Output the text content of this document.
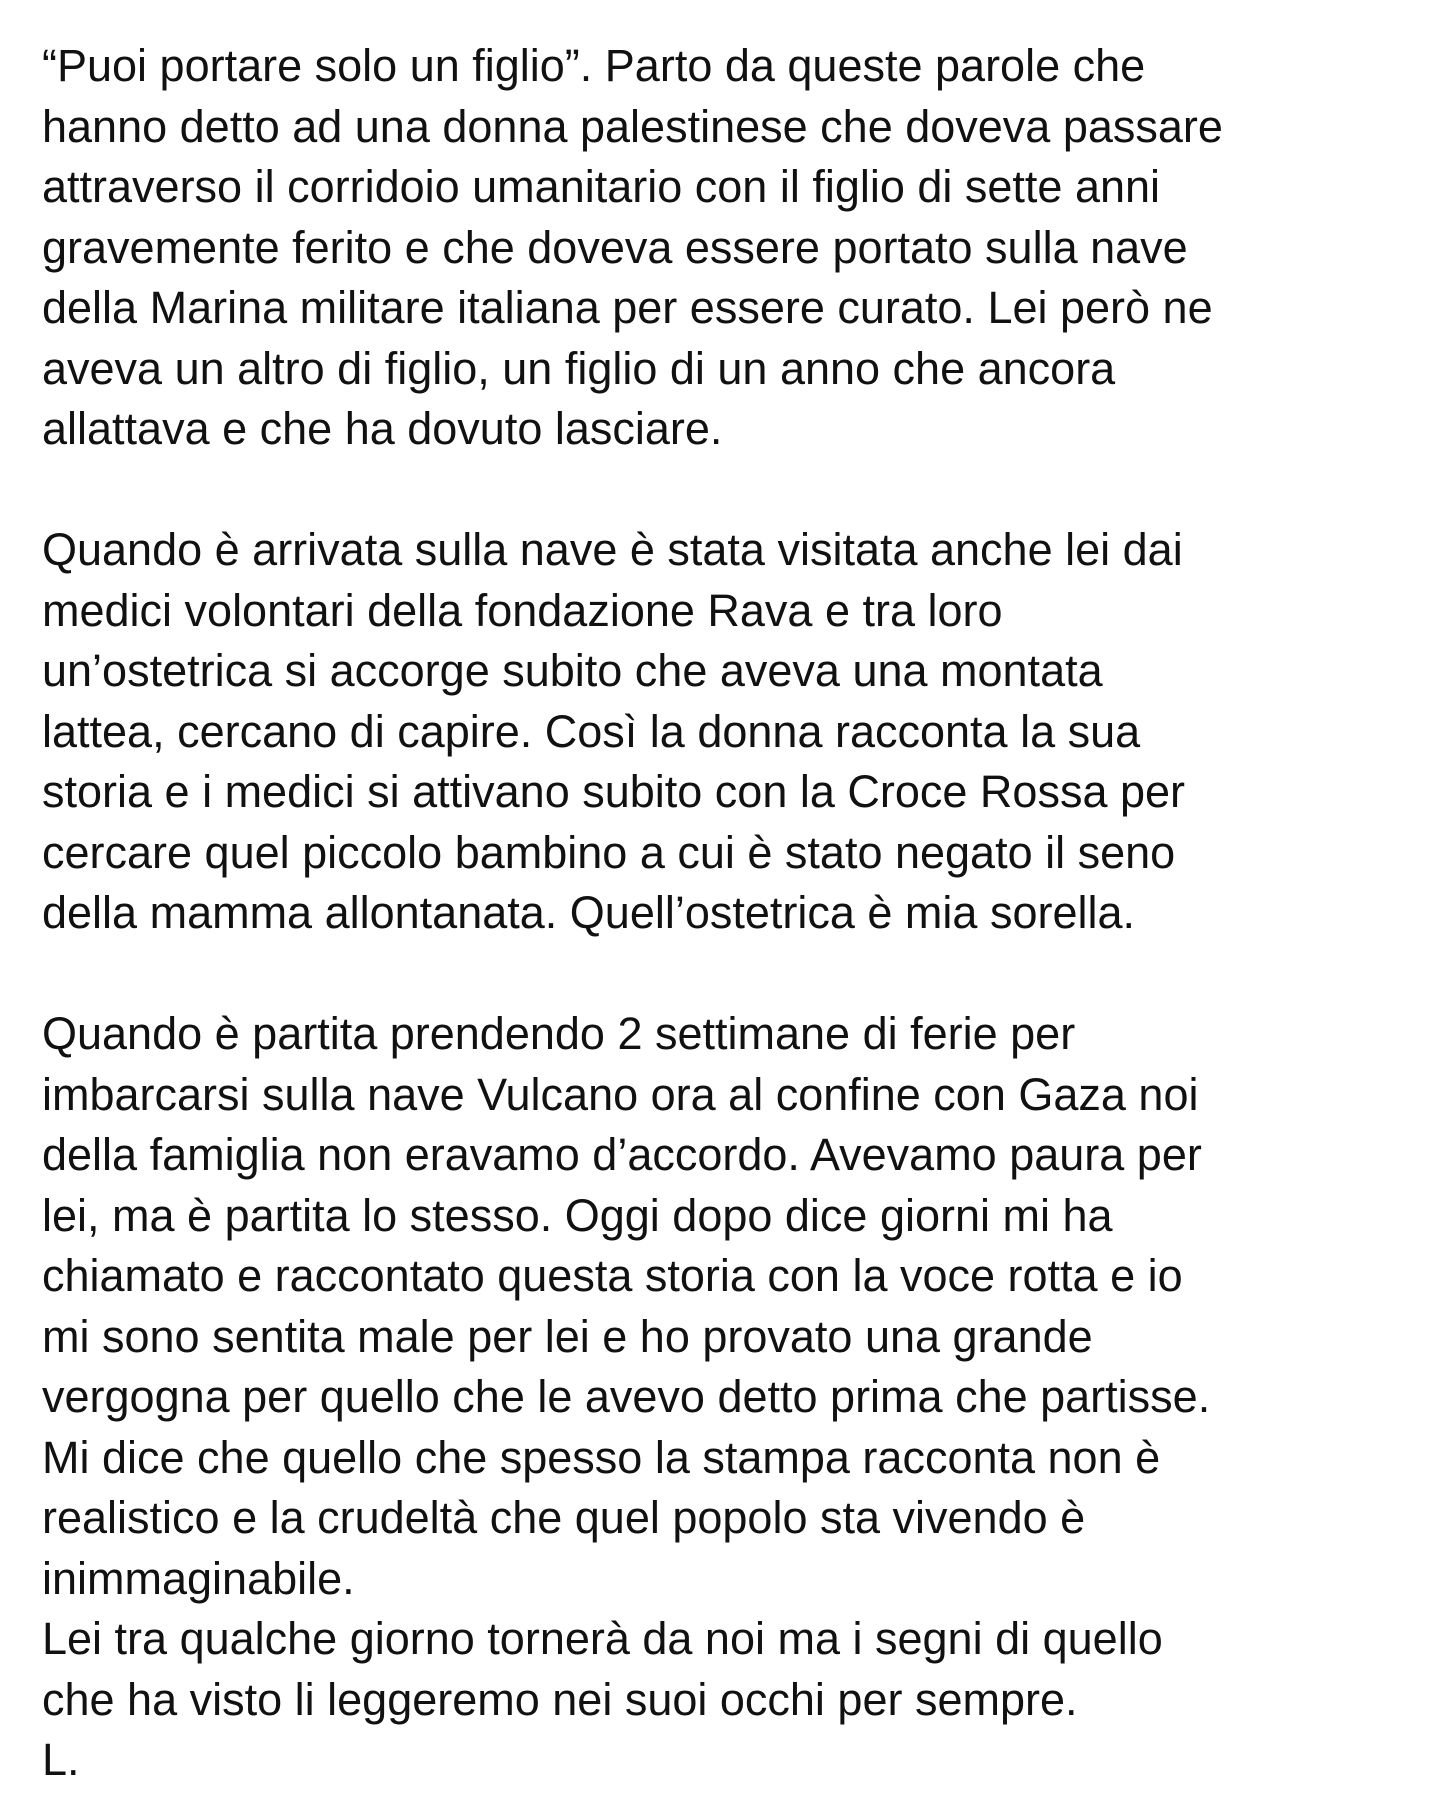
“Puoi portare solo un figlio”. Parto da queste parole che
hanno detto ad una donna palestinese che doveva passare
attraverso il corridoio umanitario con il figlio di sette anni
gravemente ferito e che doveva essere portato sulla nave
della Marina militare italiana per essere curato. Lei però ne
aveva un altro di figlio, un figlio di un anno che ancora
allattava e che ha dovuto lasciare.
Quando è arrivata sulla nave è stata visitata anche lei dai
medici volontari della fondazione Rava e tra loro
un’ostetrica si accorge subito che aveva una montata
lattea, cercano di capire. Così la donna racconta la sua
storia e i medici si attivano subito con la Croce Rossa per
cercare quel piccolo bambino a cui è stato negato il seno
della mamma allontanata. Quell’ostetrica è mia sorella.
Quando è partita prendendo 2 settimane di ferie per
imbarcarsi sulla nave Vulcano ora al confine con Gaza noi
della famiglia non eravamo d’accordo. Avevamo paura per
lei, ma è partita lo stesso. Oggi dopo dice giorni mi ha
chiamato e raccontato questa storia con la voce rotta e io
mi sono sentita male per lei e ho provato una grande
vergogna per quello che le avevo detto prima che partisse.
Mi dice che quello che spesso la stampa racconta non è
realistico e la crudeltà che quel popolo sta vivendo è
inimmaginabile.
Lei tra qualche giorno tornerà da noi ma i segni di quello
che ha visto li leggeremo nei suoi occhi per sempre.
L.
